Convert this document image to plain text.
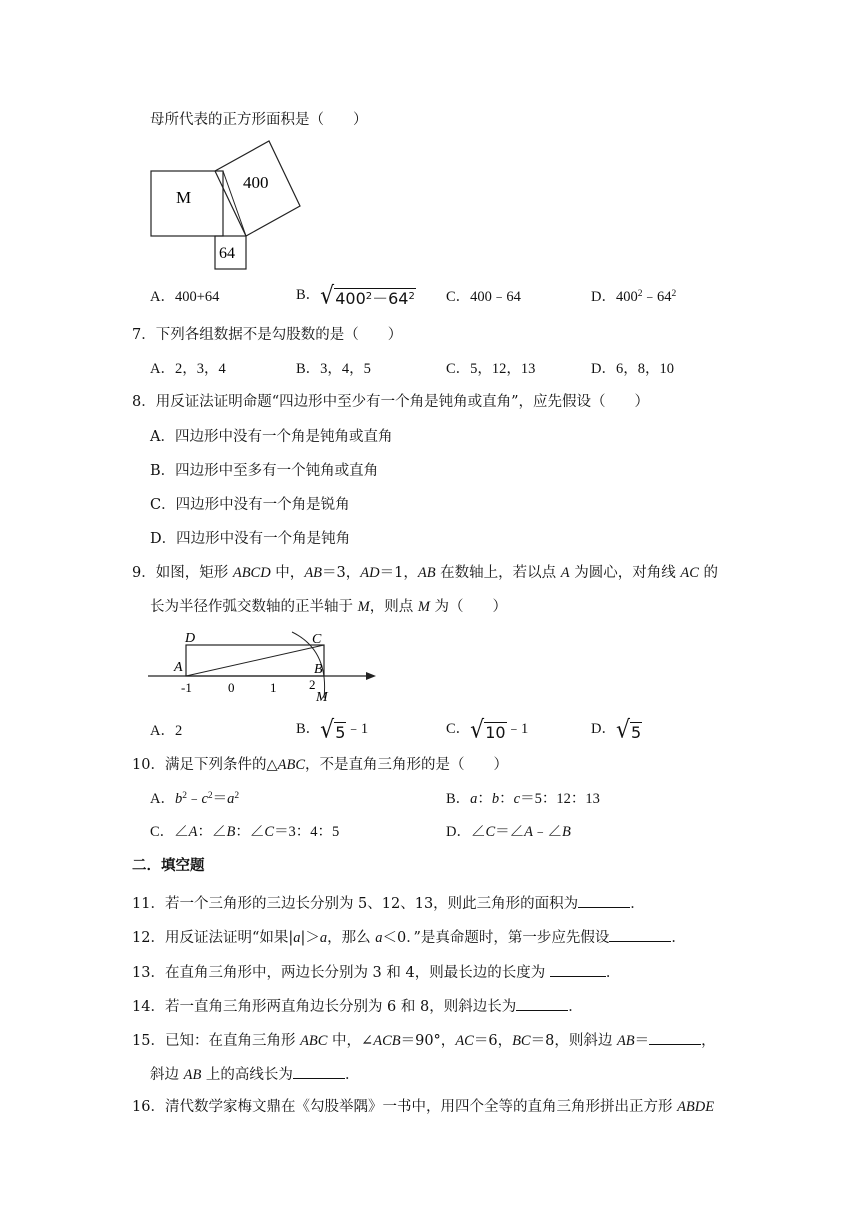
母所代表的正方形面积是（　　）
M
400
64
A．400+64	B． √ $400^2-64^2$ C．400﹣64	D．$400^2﹣64^2$
7．下列各组数据不是勾股数的是（　　）
A．2，3，4	B．3，4，5	C．5，12，13	D．6，8，10
8．用反证法证明命题“四边形中至少有一个角是钝角或直角”，应先假设（　　）
A．四边形中没有一个角是钝角或直角
B．四边形中至多有一个钝角或直角
C．四边形中没有一个角是锐角
D．四边形中没有一个角是钝角
9．如图，矩形 ABCD 中，AB＝3，AD＝1，AB 在数轴上，若以点 A 为圆心，对角线 AC 的
长为半径作弧交数轴的正半轴于 M，则点 M 为（　　）
D	C
A	B
M
-1	0	1	2
A．2	B． √ 5 ﹣1	C． √ 10 ﹣1	D． √ 5
10．满足下列条件的△ABC，不是直角三角形的是（　　）
A．$b^2﹣c^2=a^2$	B．a：b：c＝5：12：13
C．∠A：∠B：∠C＝3：4：5	D．∠C＝∠A﹣∠B
二．填空题
11．若一个三角形的三边长分别为 5、12、13，则此三角形的面积为	．
12．用反证法证明“如果|a|＞a，那么 a＜0．”是真命题时，第一步应先假设	．
13．在直角三角形中，两边长分别为 3 和 4，则最长边的长度为	．
14．若一直角三角形两直角边长分别为 6 和 8，则斜边长为	．
15．已知：在直角三角形 ABC 中，∠ACB＝90°，AC＝6，BC＝8，则斜边 AB＝	，
斜边 AB 上的高线长为	．
16．清代数学家梅文鼎在《勾股举隅》一书中，用四个全等的直角三角形拼出正方形 ABDE
